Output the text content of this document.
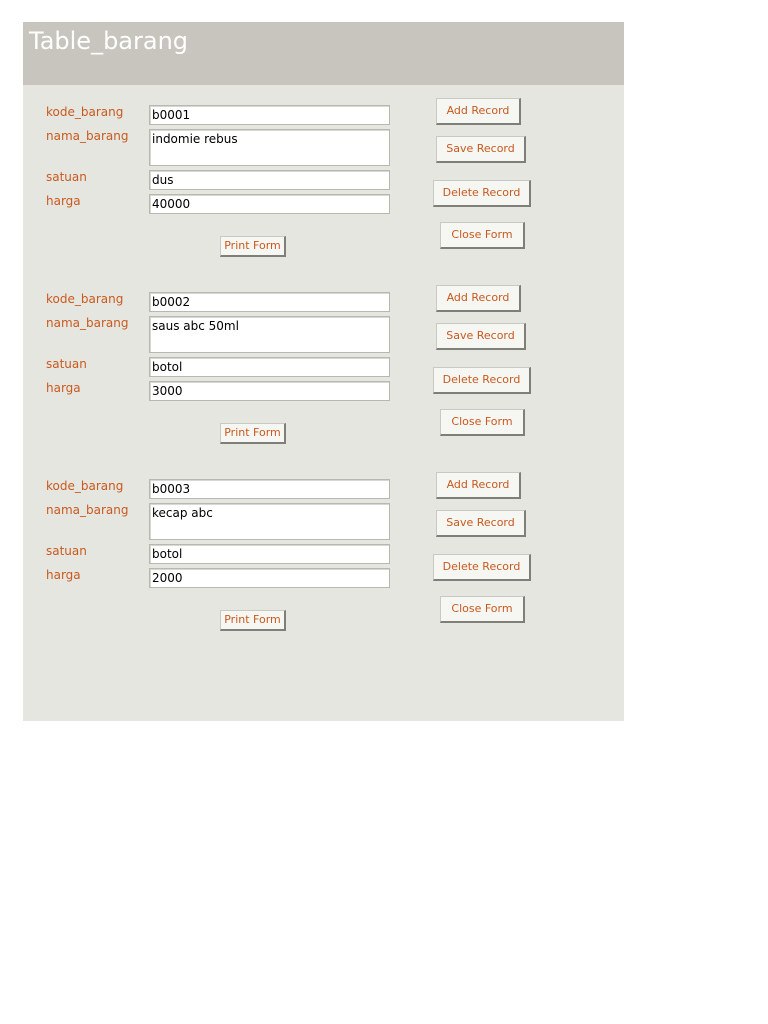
Table_barang
kode_barang
nama_barang
satuan
harga
b0001
indomie rebus
dus
40000
Print Form
Add Record
Save Record
Delete Record
Close Form
kode_barang
nama_barang
satuan
harga
b0002
saus abc 50ml
botol
3000
Print Form
Add Record
Save Record
Delete Record
Close Form
kode_barang
nama_barang
satuan
harga
b0003
kecap abc
botol
2000
Print Form
Add Record
Save Record
Delete Record
Close Form
